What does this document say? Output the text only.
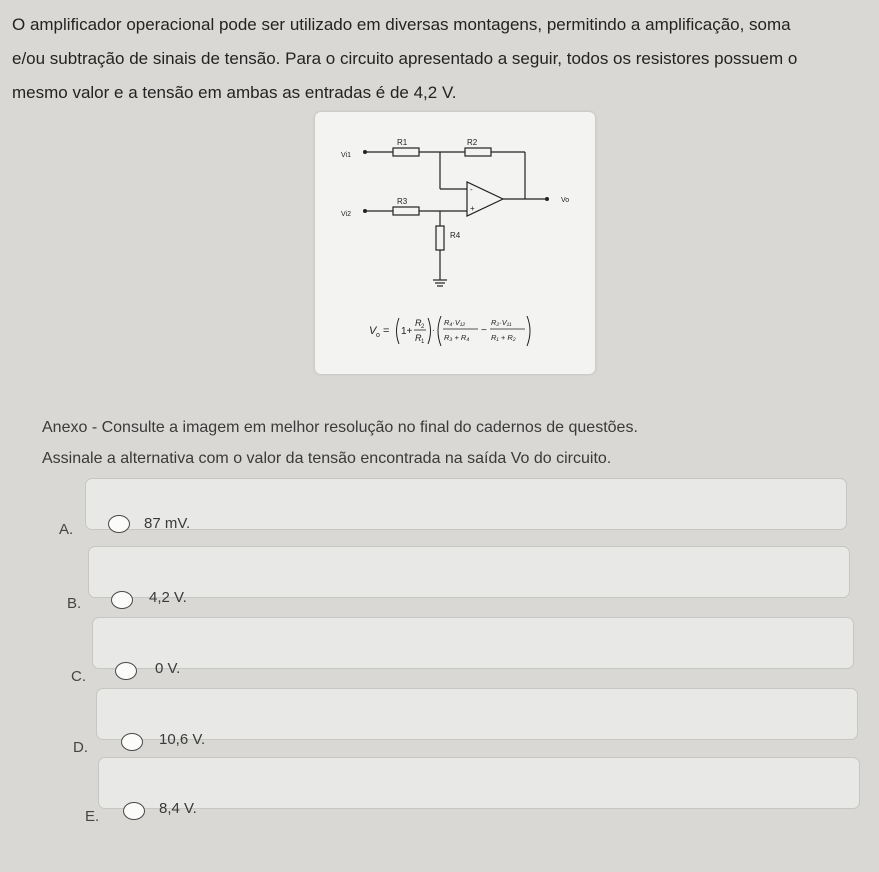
O amplificador operacional pode ser utilizado em diversas montagens, permitindo a amplificação, soma
e/ou subtração de sinais de tensão. Para o circuito apresentado a seguir, todos os resistores possuem o
mesmo valor e a tensão em ambas as entradas é de 4,2 V.
Vi1
R1	R2
-
+
Vo
Vi2
R3
R4
V o = 1+
R 2
R 1
·
R₄·V₁₂
R₃ + R₄
−
R₂·V₁₁
R₁ + R₂
Anexo - Consulte a imagem em melhor resolução no final do cadernos de questões.
Assinale a alternativa com o valor da tensão encontrada na saída Vo do circuito.
A.	87 mV.
B.	4,2 V.
C.	0 V.
D.	10,6 V.
E.	8,4 V.
